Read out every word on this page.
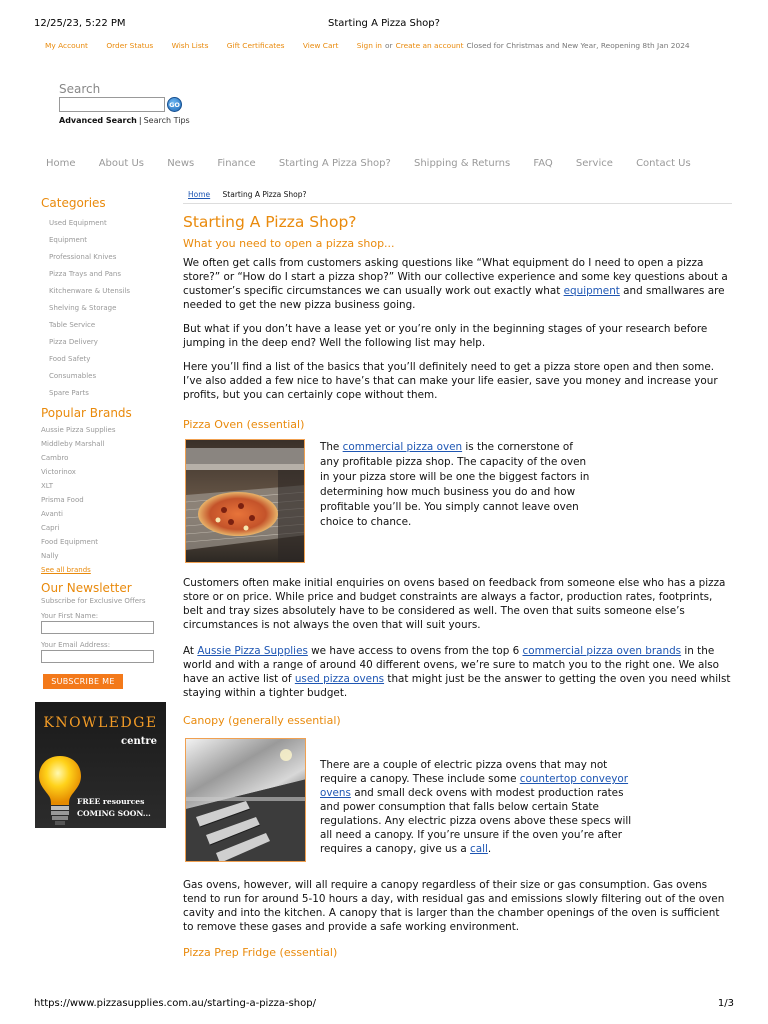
12/25/23, 5:22 PM	Starting A Pizza Shop?
My Account Order Status Wish Lists Gift Certificates View Cart Sign in or Create an account Closed for Christmas and New Year, Reopening 8th Jan 2024
Search
GO
Advanced Search | Search Tips
Home About Us News Finance Starting A Pizza Shop? Shipping & Returns FAQ Service Contact Us
Categories
Used Equipment
Equipment
Professional Knives
Pizza Trays and Pans
Kitchenware & Utensils
Shelving & Storage
Table Service
Pizza Delivery
Food Safety
Consumables
Spare Parts
Popular Brands
Aussie Pizza Supplies
Middleby Marshall
Cambro
Victorinox
XLT
Prisma Food
Avanti
Capri
Food Equipment
Nally
See all brands
Our Newsletter
Subscribe for Exclusive Offers
Your First Name:
Your Email Address:
SUBSCRIBE ME
KNOWLEDGE
centre
FREE resources
COMING SOON...
Home Starting A Pizza Shop?
Starting A Pizza Shop?
What you need to open a pizza shop...

We often get calls from customers asking questions like “What equipment do I need to open a pizza store?” or “How do I start a pizza shop?” With our collective experience and some key questions about a customer’s specific circumstances we can usually work out exactly what equipment and smallwares are needed to get the new pizza business going.

But what if you don’t have a lease yet or you’re only in the beginning stages of your research before jumping in the deep end? Well the following list may help.

Here you’ll find a list of the basics that you’ll definitely need to get a pizza store open and then some. I’ve also added a few nice to have’s that can make your life easier, save you money and increase your profits, but you can certainly cope without them.

Pizza Oven (essential)
The commercial pizza oven is the cornerstone of any profitable pizza shop. The capacity of the oven in your pizza store will be one the biggest factors in determining how much business you do and how profitable you’ll be. You simply cannot leave oven choice to chance.

Customers often make initial enquiries on ovens based on feedback from someone else who has a pizza store or on price. While price and budget constraints are always a factor, production rates, footprints, belt and tray sizes absolutely have to be considered as well. The oven that suits someone else’s circumstances is not always the oven that will suit yours.

At Aussie Pizza Supplies we have access to ovens from the top 6 commercial pizza oven brands in the world and with a range of around 40 different ovens, we’re sure to match you to the right one. We also have an active list of used pizza ovens that might just be the answer to getting the oven you need whilst staying within a tighter budget.

Canopy (generally essential)
There are a couple of electric pizza ovens that may not require a canopy. These include some countertop conveyor ovens and small deck ovens with modest production rates and power consumption that falls below certain State regulations. Any electric pizza ovens above these specs will all need a canopy. If you’re unsure if the oven you’re after requires a canopy, give us a call.

Gas ovens, however, will all require a canopy regardless of their size or gas consumption. Gas ovens tend to run for around 5-10 hours a day, with residual gas and emissions slowly filtering out of the oven cavity and into the kitchen. A canopy that is larger than the chamber openings of the oven is sufficient to remove these gases and provide a safe working environment.

Pizza Prep Fridge (essential)
https://www.pizzasupplies.com.au/starting-a-pizza-shop/	1/3
